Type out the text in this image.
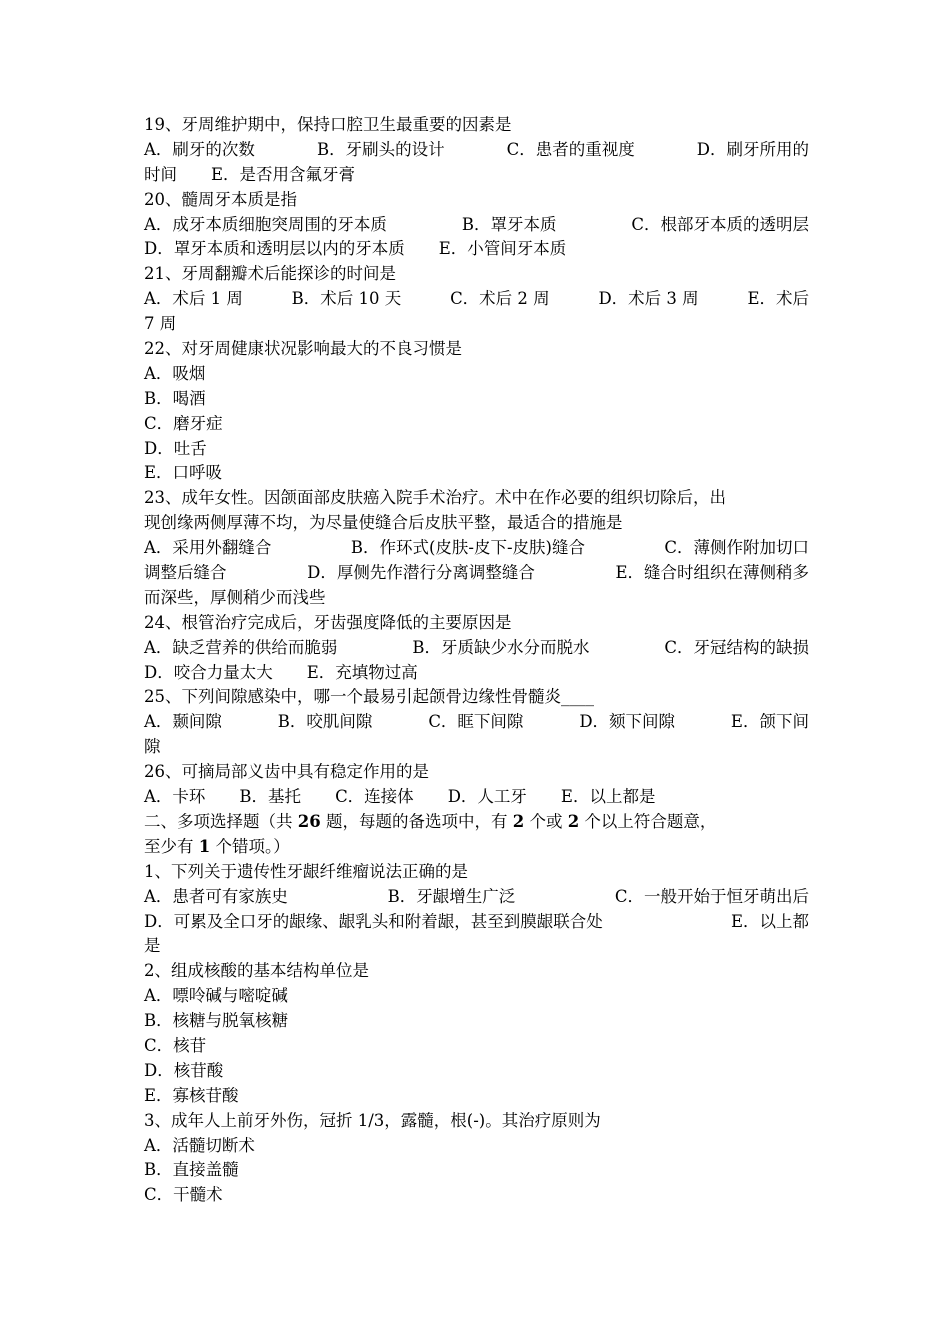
19、牙周维护期中，保持口腔卫生最重要的因素是
A．刷牙的次数	B．牙刷头的设计	C．患者的重视度	D．刷牙所用的
时间 E．是否用含氟牙膏
20、髓周牙本质是指
A．成牙本质细胞突周围的牙本质	B．罩牙本质	C．根部牙本质的透明层
D．罩牙本质和透明层以内的牙本质 E．小管间牙本质
21、牙周翻瓣术后能探诊的时间是
A．术后 1 周	B．术后 10 天	C．术后 2 周	D．术后 3 周	E．术后
7 周
22、对牙周健康状况影响最大的不良习惯是
A．吸烟
B．喝酒
C．磨牙症
D．吐舌
E．口呼吸
23、成年女性。因颌面部皮肤癌入院手术治疗。术中在作必要的组织切除后，出
现创缘两侧厚薄不均，为尽量使缝合后皮肤平整，最适合的措施是
A．采用外翻缝合	B．作环式(皮肤-皮下-皮肤)缝合	C．薄侧作附加切口
调整后缝合	D．厚侧先作潜行分离调整缝合	E．缝合时组织在薄侧稍多
而深些，厚侧稍少而浅些
24、根管治疗完成后，牙齿强度降低的主要原因是
A．缺乏营养的供给而脆弱	B．牙质缺少水分而脱水	C．牙冠结构的缺损
D．咬合力量太大 E．充填物过高
25、下列间隙感染中，哪一个最易引起颌骨边缘性骨髓炎____
A．颞间隙	B．咬肌间隙	C．眶下间隙	D．颏下间隙	E．颌下间
隙
26、可摘局部义齿中具有稳定作用的是
A．卡环 B．基托 C．连接体 D．人工牙 E．以上都是
二、多项选择题（共 26 题，每题的备选项中，有 2 个或 2 个以上符合题意，
至少有 1 个错项。）
1、下列关于遗传性牙龈纤维瘤说法正确的是
A．患者可有家族史	B．牙龈增生广泛	C．一般开始于恒牙萌出后
D．可累及全口牙的龈缘、龈乳头和附着龈，甚至到膜龈联合处	E．以上都
是
2、组成核酸的基本结构单位是
A．嘌呤碱与嘧啶碱
B．核糖与脱氧核糖
C．核苷
D．核苷酸
E．寡核苷酸
3、成年人上前牙外伤，冠折 1/3，露髓，根(-)。其治疗原则为
A．活髓切断术
B．直接盖髓
C．干髓术
